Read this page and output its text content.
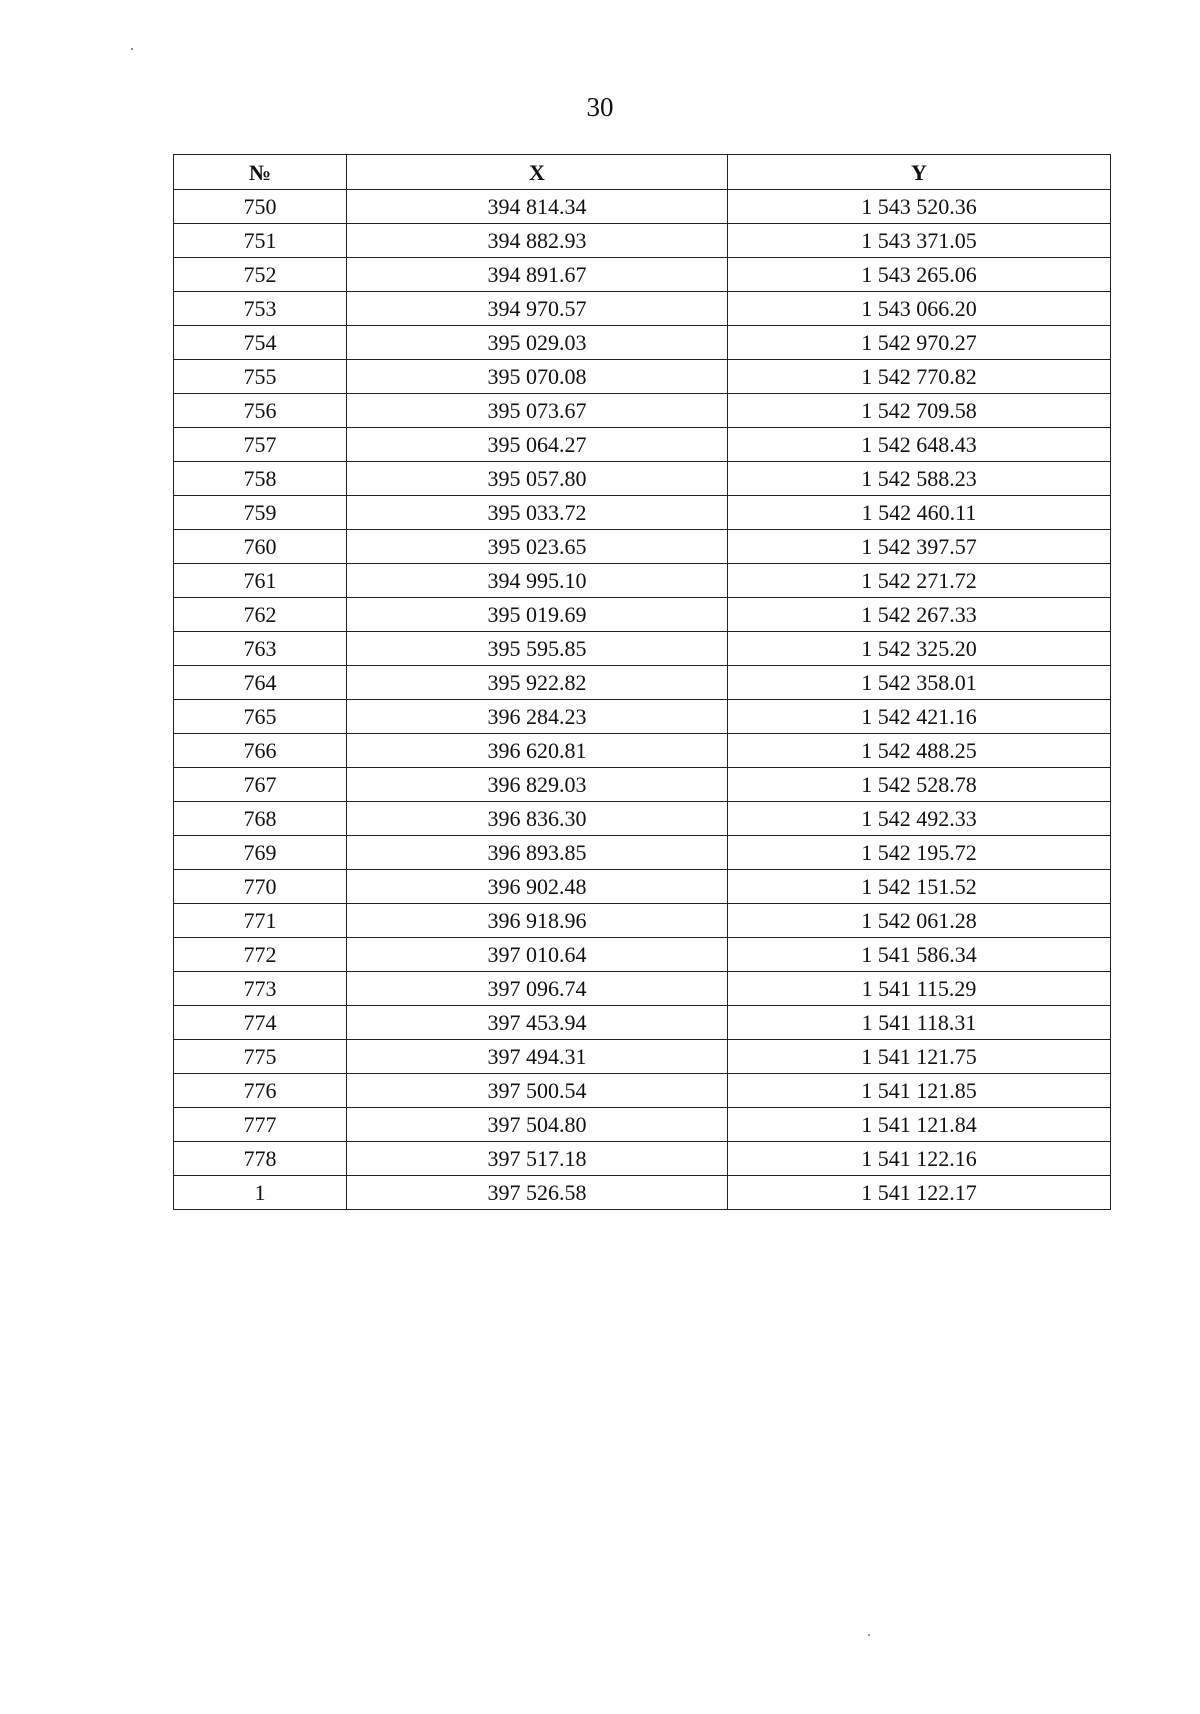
30
№	X	Y
750	394 814.34	1 543 520.36
751	394 882.93	1 543 371.05
752	394 891.67	1 543 265.06
753	394 970.57	1 543 066.20
754	395 029.03	1 542 970.27
755	395 070.08	1 542 770.82
756	395 073.67	1 542 709.58
757	395 064.27	1 542 648.43
758	395 057.80	1 542 588.23
759	395 033.72	1 542 460.11
760	395 023.65	1 542 397.57
761	394 995.10	1 542 271.72
762	395 019.69	1 542 267.33
763	395 595.85	1 542 325.20
764	395 922.82	1 542 358.01
765	396 284.23	1 542 421.16
766	396 620.81	1 542 488.25
767	396 829.03	1 542 528.78
768	396 836.30	1 542 492.33
769	396 893.85	1 542 195.72
770	396 902.48	1 542 151.52
771	396 918.96	1 542 061.28
772	397 010.64	1 541 586.34
773	397 096.74	1 541 115.29
774	397 453.94	1 541 118.31
775	397 494.31	1 541 121.75
776	397 500.54	1 541 121.85
777	397 504.80	1 541 121.84
778	397 517.18	1 541 122.16
1	397 526.58	1 541 122.17
